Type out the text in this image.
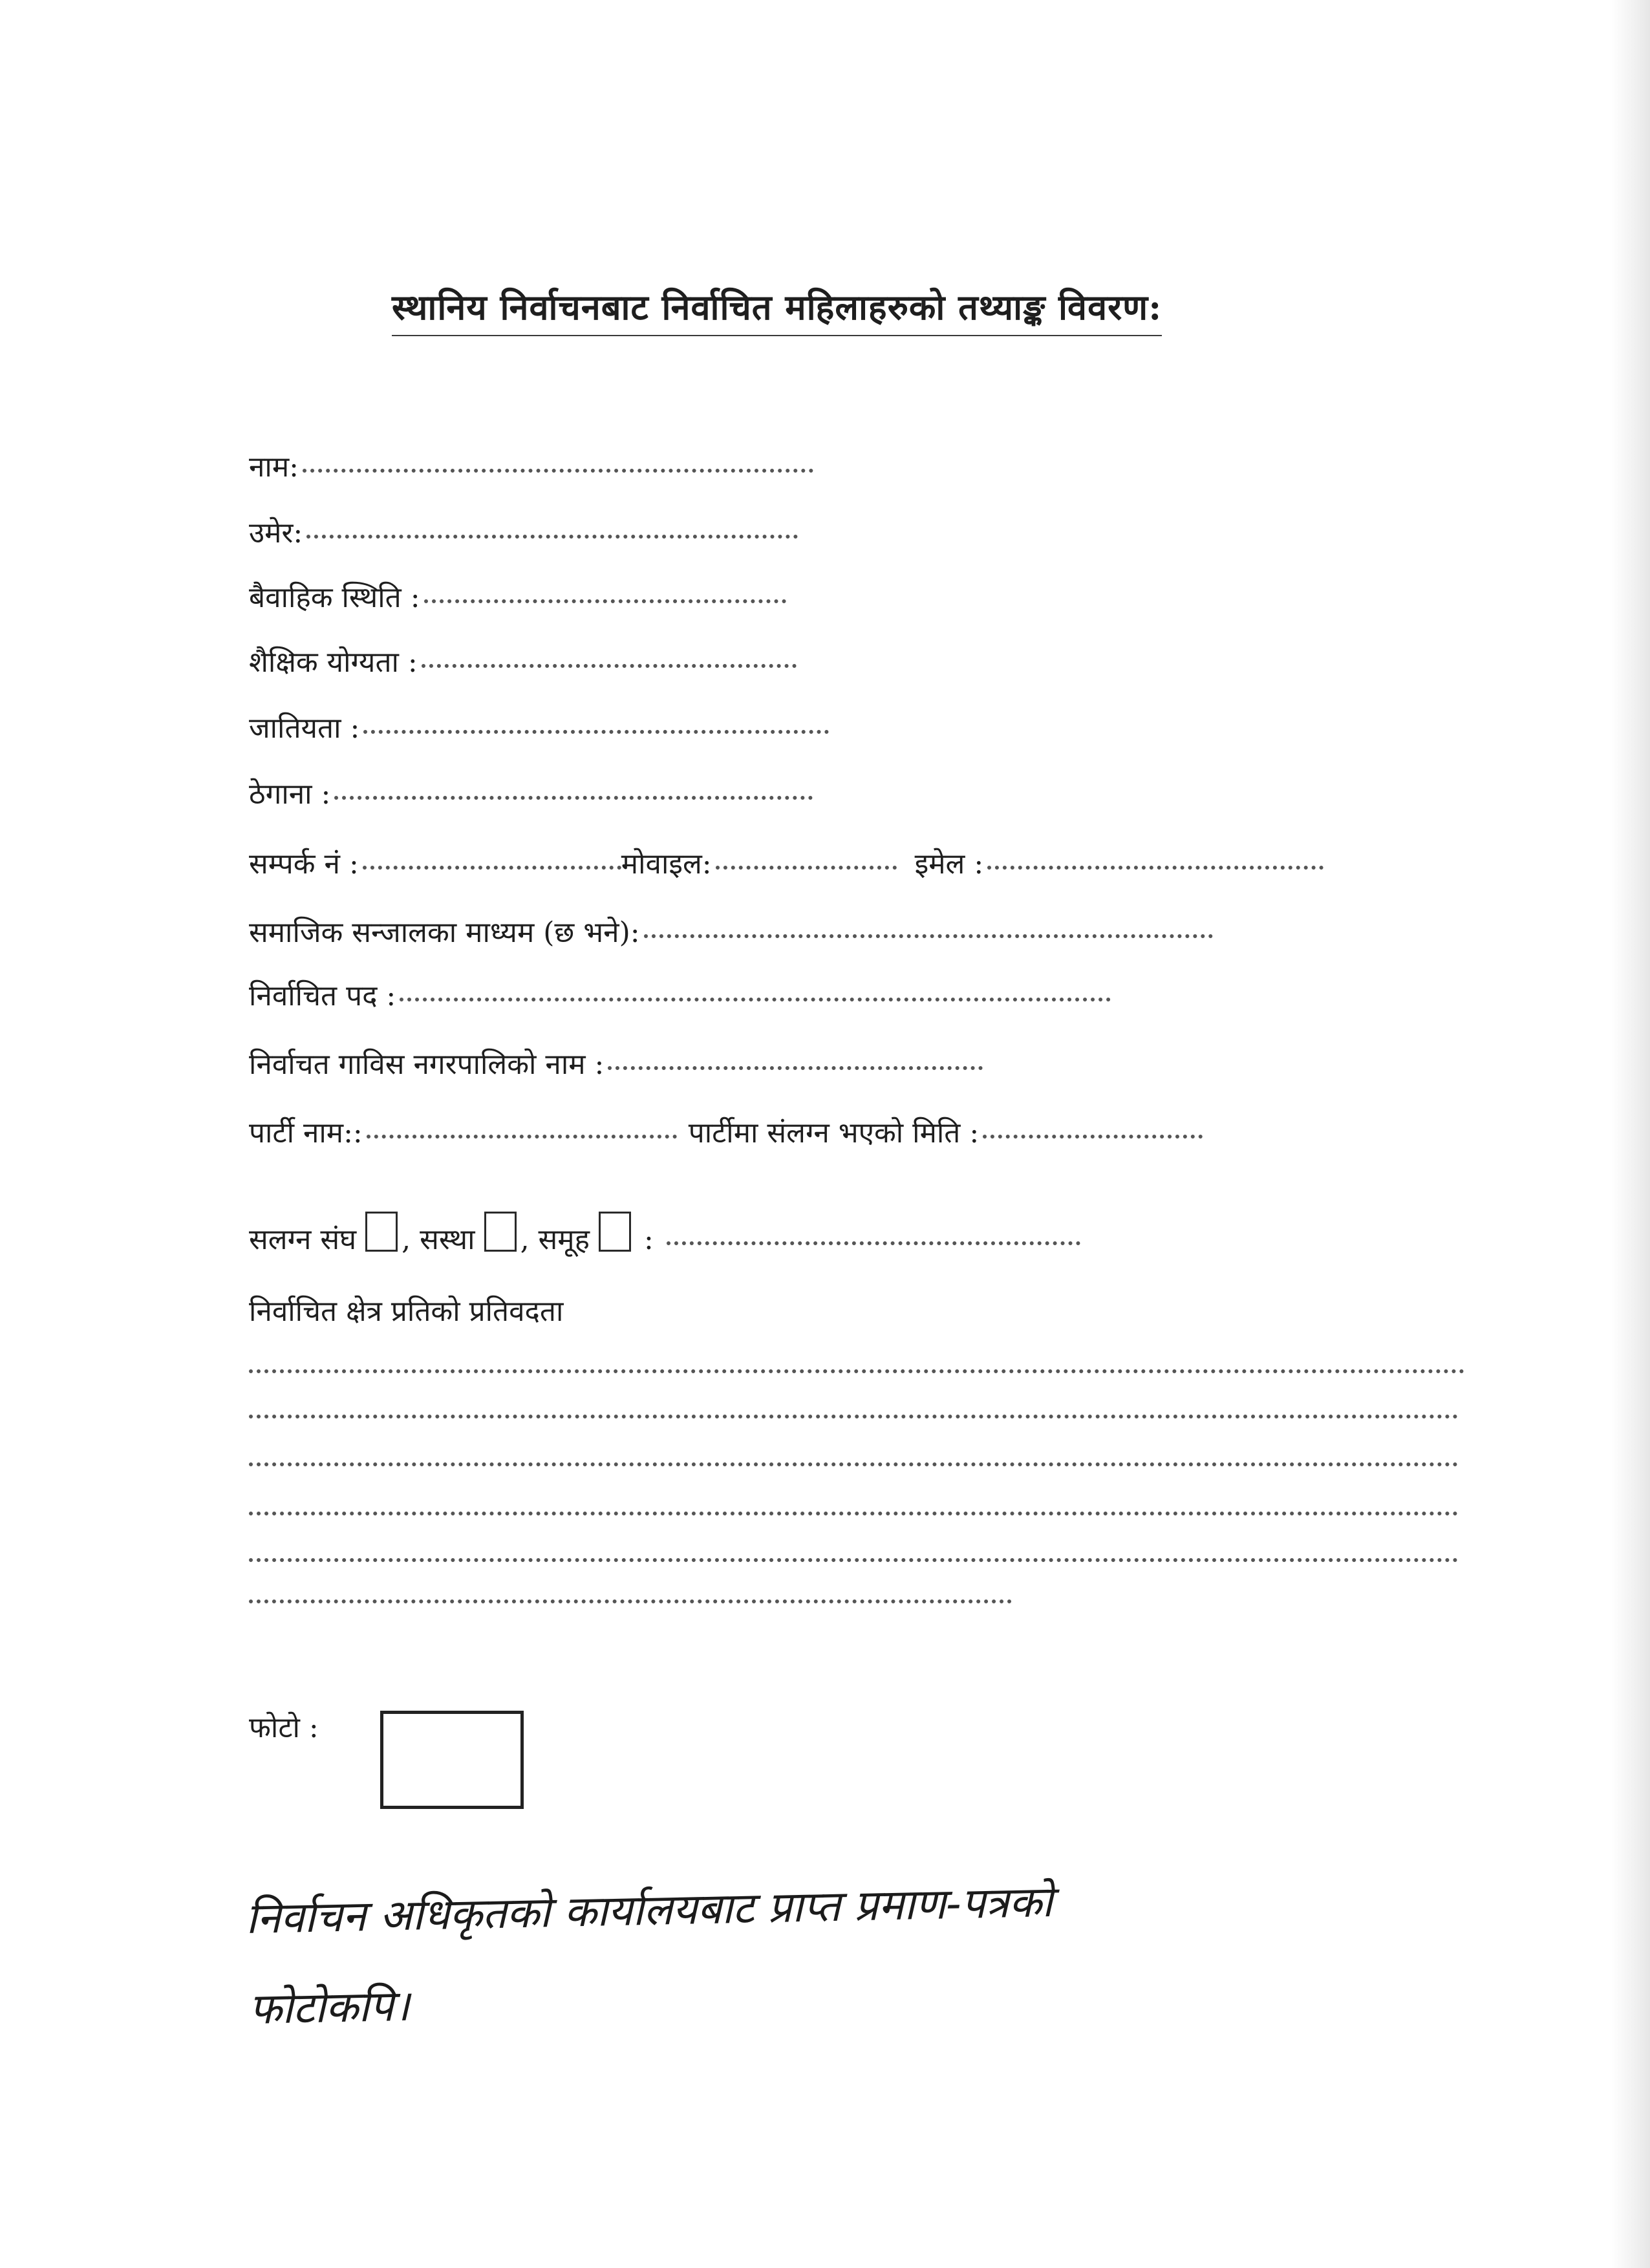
स्थानिय निर्वाचनबाट निर्वाचित महिलाहरुको तथ्याङ्क विवरण:
नाम:
उमेर:
बैवाहिक स्थिति :
शैक्षिक योग्यता :
जातियता :
ठेगाना :
सम्पर्क नं :	मोवाइल:	इमेल :
समाजिक सन्जालका माध्यम (छ भने):
निर्वाचित पद :
निर्वाचत गाविस नगरपालिको नाम :
पार्टी नाम::	पार्टीमा संलग्न भएको मिति :
सलग्न संघ , सस्था , समूह :
निर्वाचित क्षेत्र प्रतिको प्रतिवदता
फोटो :
निर्वाचन अधिकृतको कार्यालयबाट प्राप्त प्रमाण-पत्रको
फोटोकपि।
